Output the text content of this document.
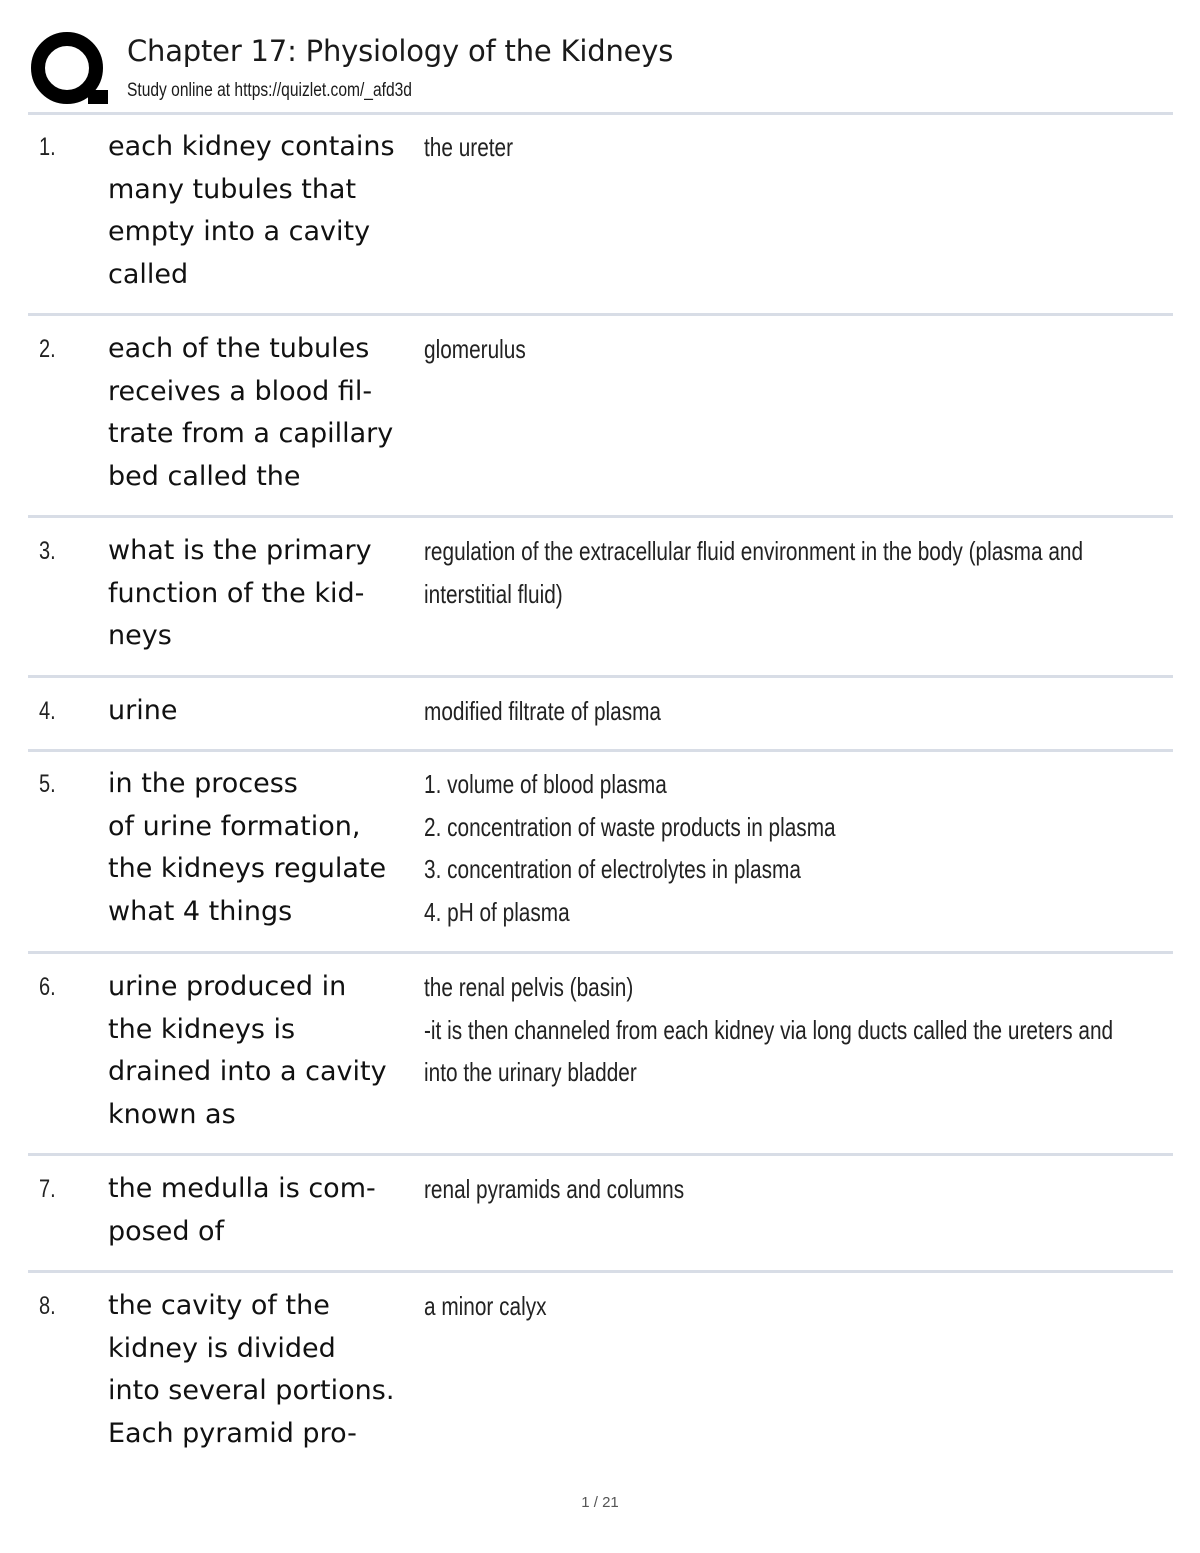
Chapter 17: Physiology of the Kidneys
Study online at https://quizlet.com/_afd3d
1. each kidney contains
many tubules that
empty into a cavity
called
the ureter
2. each of the tubules
receives a blood fil-
trate from a capillary
bed called the
glomerulus
3. what is the primary
function of the kid-
neys
regulation of the extracellular fluid environment in the body (plasma and
interstitial fluid)
4. urine	modified filtrate of plasma
5. in the process
of urine formation,
the kidneys regulate
what 4 things
1. volume of blood plasma
2. concentration of waste products in plasma
3. concentration of electrolytes in plasma
4. pH of plasma
6. urine produced in
the kidneys is
drained into a cavity
known as
the renal pelvis (basin)
-it is then channeled from each kidney via long ducts called the ureters and
into the urinary bladder
7. the medulla is com-
posed of
renal pyramids and columns
8. the cavity of the
kidney is divided
into several portions.
Each pyramid pro-
a minor calyx
1 / 21
